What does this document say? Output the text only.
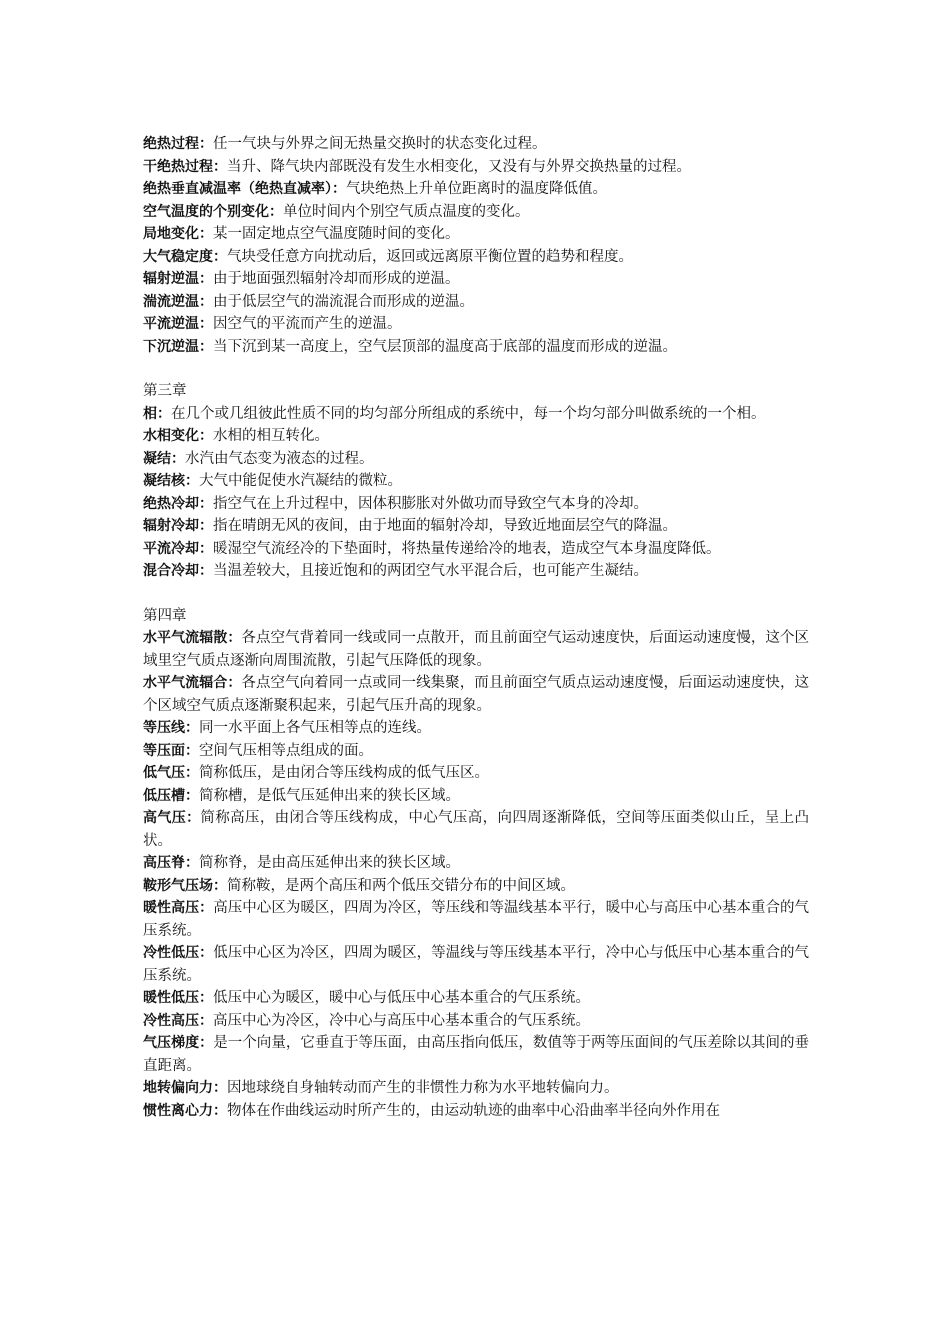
绝热过程：任一气块与外界之间无热量交换时的状态变化过程。

干绝热过程：当升、降气块内部既没有发生水相变化，又没有与外界交换热量的过程。

绝热垂直减温率（绝热直减率）：气块绝热上升单位距离时的温度降低值。

空气温度的个别变化：单位时间内个别空气质点温度的变化。

局地变化：某一固定地点空气温度随时间的变化。

大气稳定度：气块受任意方向扰动后，返回或远离原平衡位置的趋势和程度。

辐射逆温：由于地面强烈辐射冷却而形成的逆温。

湍流逆温：由于低层空气的湍流混合而形成的逆温。

平流逆温：因空气的平流而产生的逆温。

下沉逆温：当下沉到某一高度上，空气层顶部的温度高于底部的温度而形成的逆温。

第三章

相：在几个或几组彼此性质不同的均匀部分所组成的系统中，每一个均匀部分叫做系统的一个相。

水相变化：水相的相互转化。

凝结：水汽由气态变为液态的过程。

凝结核：大气中能促使水汽凝结的微粒。

绝热冷却：指空气在上升过程中，因体积膨胀对外做功而导致空气本身的冷却。

辐射冷却：指在晴朗无风的夜间，由于地面的辐射冷却，导致近地面层空气的降温。

平流冷却：暖湿空气流经冷的下垫面时，将热量传递给冷的地表，造成空气本身温度降低。

混合冷却：当温差较大，且接近饱和的两团空气水平混合后，也可能产生凝结。

第四章

水平气流辐散：各点空气背着同一线或同一点散开，而且前面空气运动速度快，后面运动速度慢，这个区域里空气质点逐渐向周围流散，引起气压降低的现象。

水平气流辐合：各点空气向着同一点或同一线集聚，而且前面空气质点运动速度慢，后面运动速度快，这个区域空气质点逐渐聚积起来，引起气压升高的现象。

等压线：同一水平面上各气压相等点的连线。

等压面：空间气压相等点组成的面。

低气压：简称低压，是由闭合等压线构成的低气压区。

低压槽：简称槽，是低气压延伸出来的狭长区域。

高气压：简称高压，由闭合等压线构成，中心气压高，向四周逐渐降低，空间等压面类似山丘，呈上凸状。

高压脊：简称脊，是由高压延伸出来的狭长区域。

鞍形气压场：简称鞍，是两个高压和两个低压交错分布的中间区域。

暖性高压：高压中心区为暖区，四周为冷区，等压线和等温线基本平行，暖中心与高压中心基本重合的气压系统。

冷性低压：低压中心区为冷区，四周为暖区，等温线与等压线基本平行，冷中心与低压中心基本重合的气压系统。

暖性低压：低压中心为暖区，暖中心与低压中心基本重合的气压系统。

冷性高压：高压中心为冷区，冷中心与高压中心基本重合的气压系统。

气压梯度：是一个向量，它垂直于等压面，由高压指向低压，数值等于两等压面间的气压差除以其间的垂直距离。

地转偏向力：因地球绕自身轴转动而产生的非惯性力称为水平地转偏向力。

惯性离心力：物体在作曲线运动时所产生的，由运动轨迹的曲率中心沿曲率半径向外作用在
